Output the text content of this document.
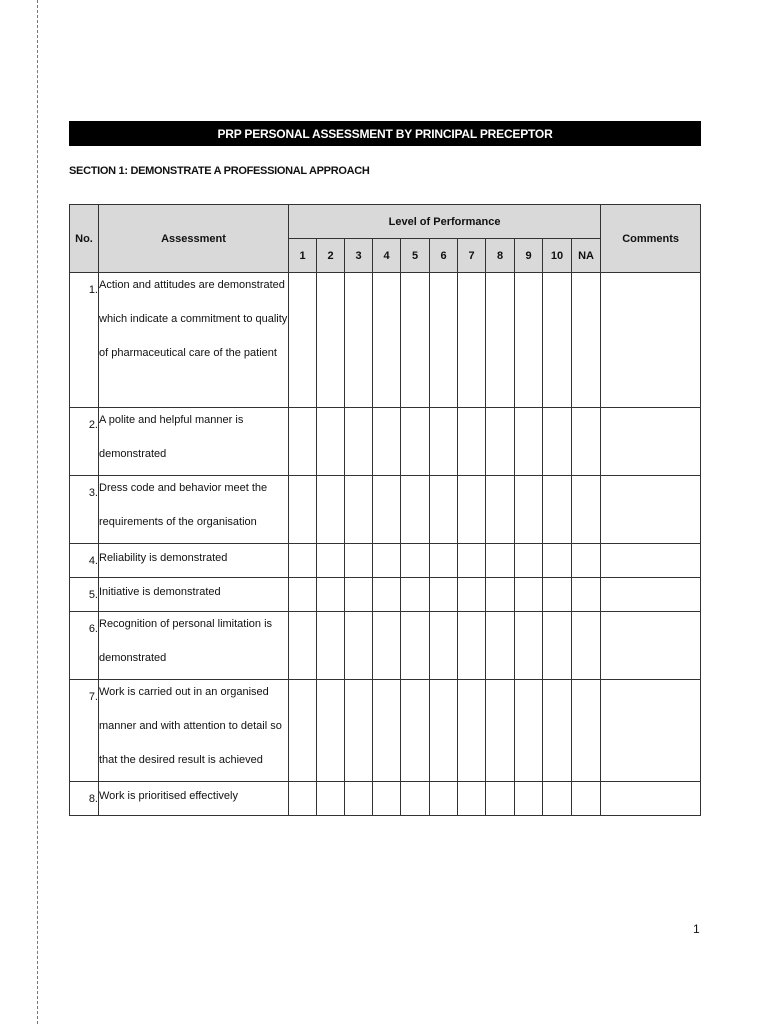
PRP PERSONAL ASSESSMENT BY PRINCIPAL PRECEPTOR
SECTION 1: DEMONSTRATE A PROFESSIONAL APPROACH
No.	Assessment	Level of Performance											Comments
		1	2	3	4	5	6	7	8	9	10	NA	

1.	Action and attitudes are demonstrated which indicate a commitment to quality of pharmaceutical care of the patient												

2.	A polite and helpful manner is demonstrated												

3.	Dress code and behavior meet the requirements of the organisation												

4.	Reliability is demonstrated												

5.	Initiative is demonstrated												

6.	Recognition of personal limitation is demonstrated												

7.	Work is carried out in an organised manner and with attention to detail so that the desired result is achieved												

8.	Work is prioritised effectively												

1
